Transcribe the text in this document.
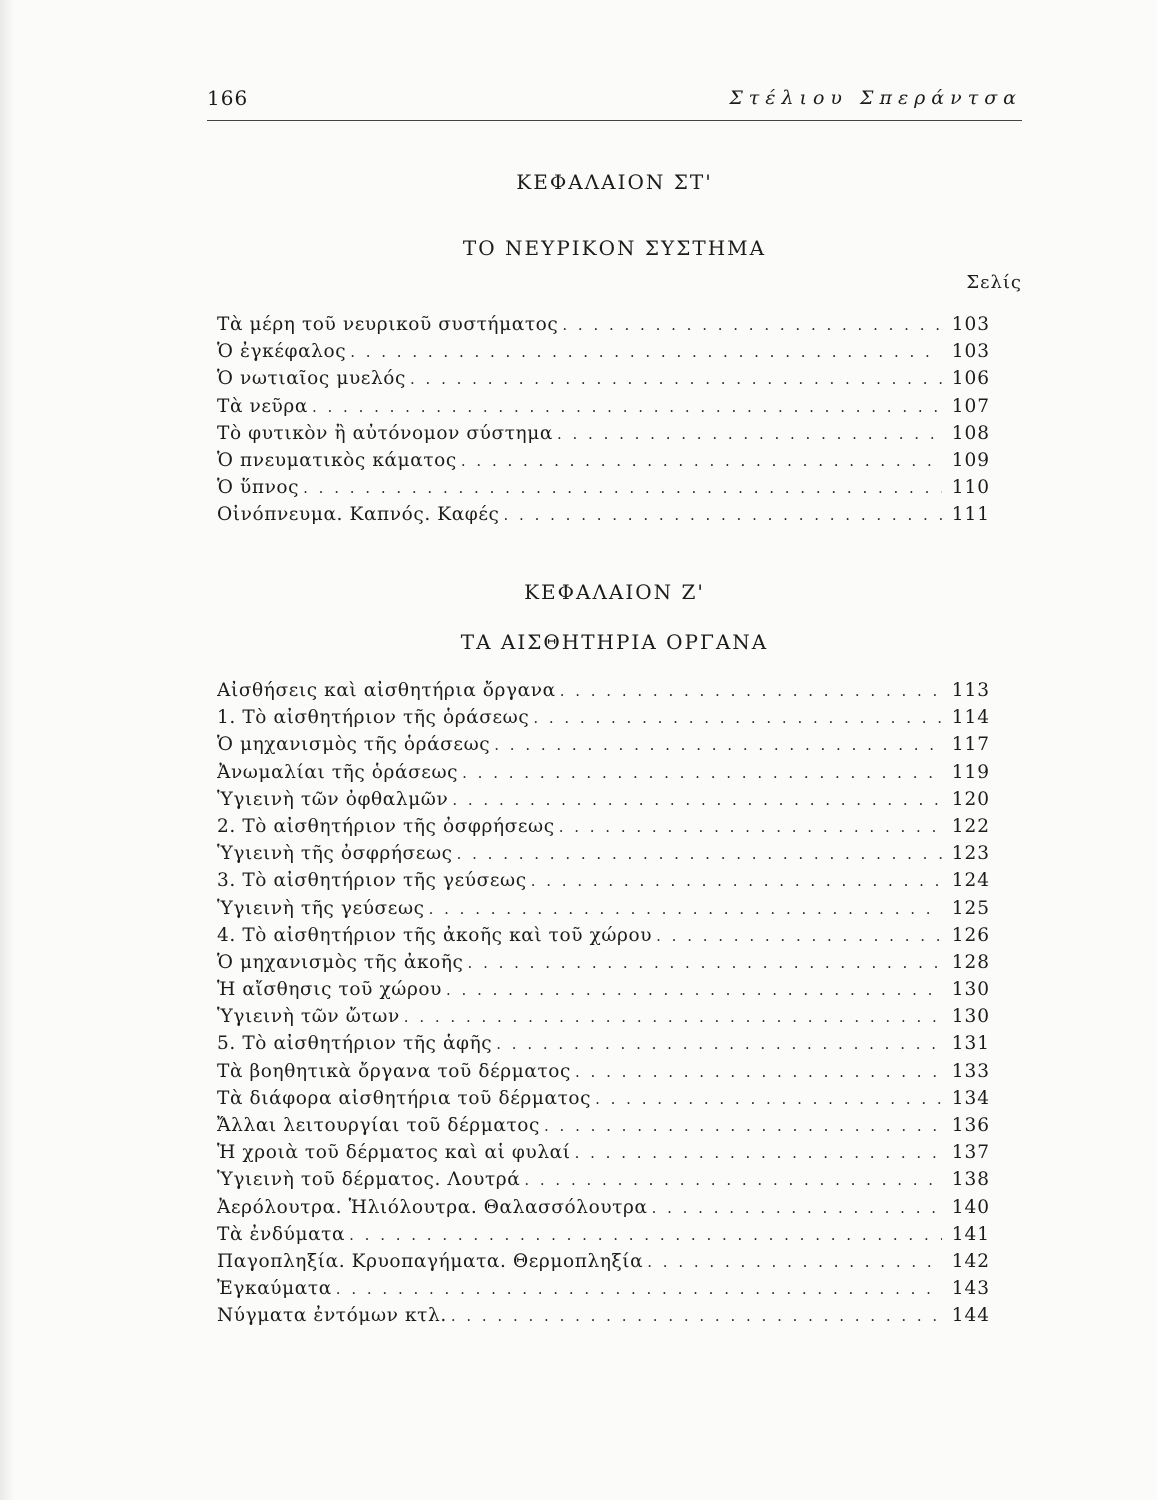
166	Στέλιου Σπεράντσα
ΚΕΦΑΛΑΙΟΝ ΣΤ'
ΤΟ ΝΕΥΡΙΚΟΝ ΣΥΣΤΗΜΑ
Σελίς
Τὰ μέρη τοῦ νευρικοῦ συστήματος . . .	103
Ὁ ἐγκέφαλος . . .	103
Ὁ νωτιαῖος μυελός . . .	106
Τὰ νεῦρα . . .	107
Τὸ φυτικὸν ἢ αὐτόνομον σύστημα . . .	108
Ὁ πνευματικὸς κάματος . . .	109
Ὁ ὕπνος . . .	110
Οἰνόπνευμα. Καπνός. Καφές . . .	111
ΚΕΦΑΛΑΙΟΝ Ζ'
ΤΑ ΑΙΣΘΗΤΗΡΙΑ ΟΡΓΑΝΑ
Αἰσθήσεις καὶ αἰσθητήρια ὄργανα . . .	113
1. Τὸ αἰσθητήριον τῆς ὁράσεως . . .	114
Ὁ μηχανισμὸς τῆς ὁράσεως . . .	117
Ἀνωμαλίαι τῆς ὁράσεως . . .	119
Ὑγιεινὴ τῶν ὀφθαλμῶν . . .	120
2. Τὸ αἰσθητήριον τῆς ὀσφρήσεως . . .	122
Ὑγιεινὴ τῆς ὀσφρήσεως . . .	123
3. Τὸ αἰσθητήριον τῆς γεύσεως . . .	124
Ὑγιεινὴ τῆς γεύσεως . . .	125
4. Τὸ αἰσθητήριον τῆς ἀκοῆς καὶ τοῦ χώρου . . .	126
Ὁ μηχανισμὸς τῆς ἀκοῆς . . .	128
Ἡ αἴσθησις τοῦ χώρου . . .	130
Ὑγιεινὴ τῶν ὤτων . . .	130
5. Τὸ αἰσθητήριον τῆς ἁφῆς . . .	131
Τὰ βοηθητικὰ ὄργανα τοῦ δέρματος . . .	133
Τὰ διάφορα αἰσθητήρια τοῦ δέρματος . . .	134
Ἄλλαι λειτουργίαι τοῦ δέρματος . . .	136
Ἡ χροιὰ τοῦ δέρματος καὶ αἱ φυλαί . . .	137
Ὑγιεινὴ τοῦ δέρματος. Λουτρά . . .	138
Ἀερόλουτρα. Ἡλιόλουτρα. Θαλασσόλουτρα . . .	140
Τὰ ἐνδύματα . . .	141
Παγοπληξία. Κρυοπαγήματα. Θερμοπληξία . . .	142
Ἐγκαύματα . . .	143
Νύγματα ἐντόμων κτλ. . . .	144
